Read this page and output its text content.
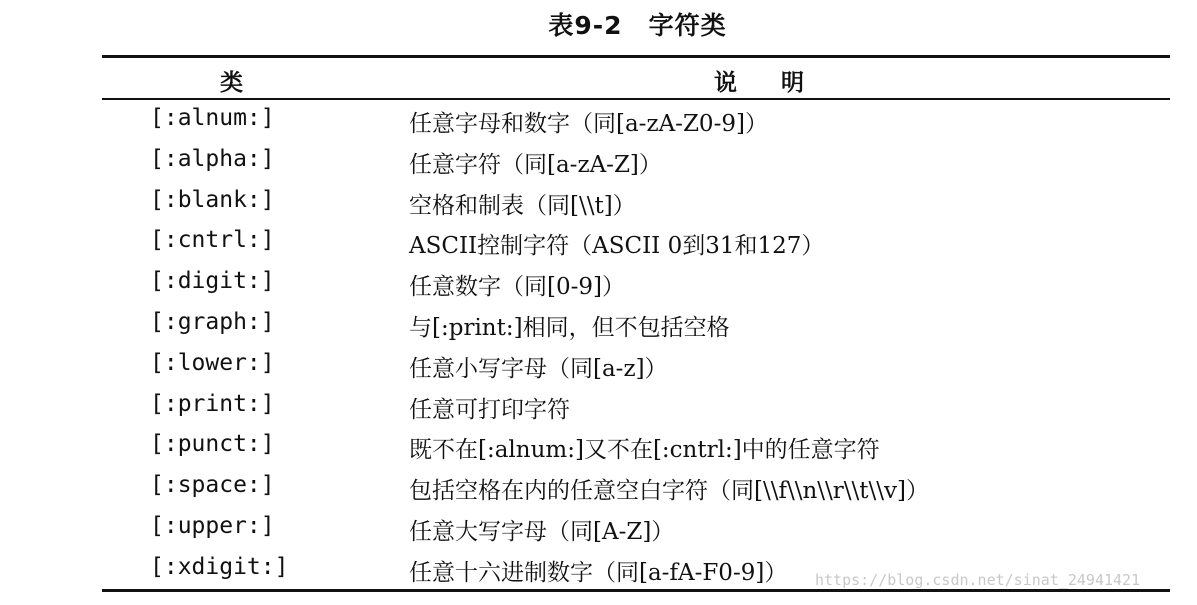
表9-2　字符类
类	说明
[:alnum:]	任意字母和数字（同[a-zA-Z0-9]）
[:alpha:]	任意字符（同[a-zA-Z]）
[:blank:]	空格和制表（同[\\t]）
[:cntrl:]	ASCII控制字符（ASCII 0到31和127）
[:digit:]	任意数字（同[0-9]）
[:graph:]	与[:print:]相同，但不包括空格
[:lower:]	任意小写字母（同[a-z]）
[:print:]	任意可打印字符
[:punct:]	既不在[:alnum:]又不在[:cntrl:]中的任意字符
[:space:]	包括空格在内的任意空白字符（同[\\f\\n\\r\\t\\v]）
[:upper:]	任意大写字母（同[A-Z]）
[:xdigit:]	任意十六进制数字（同[a-fA-F0-9]） https://blog.csdn.net/sinat_24941421
